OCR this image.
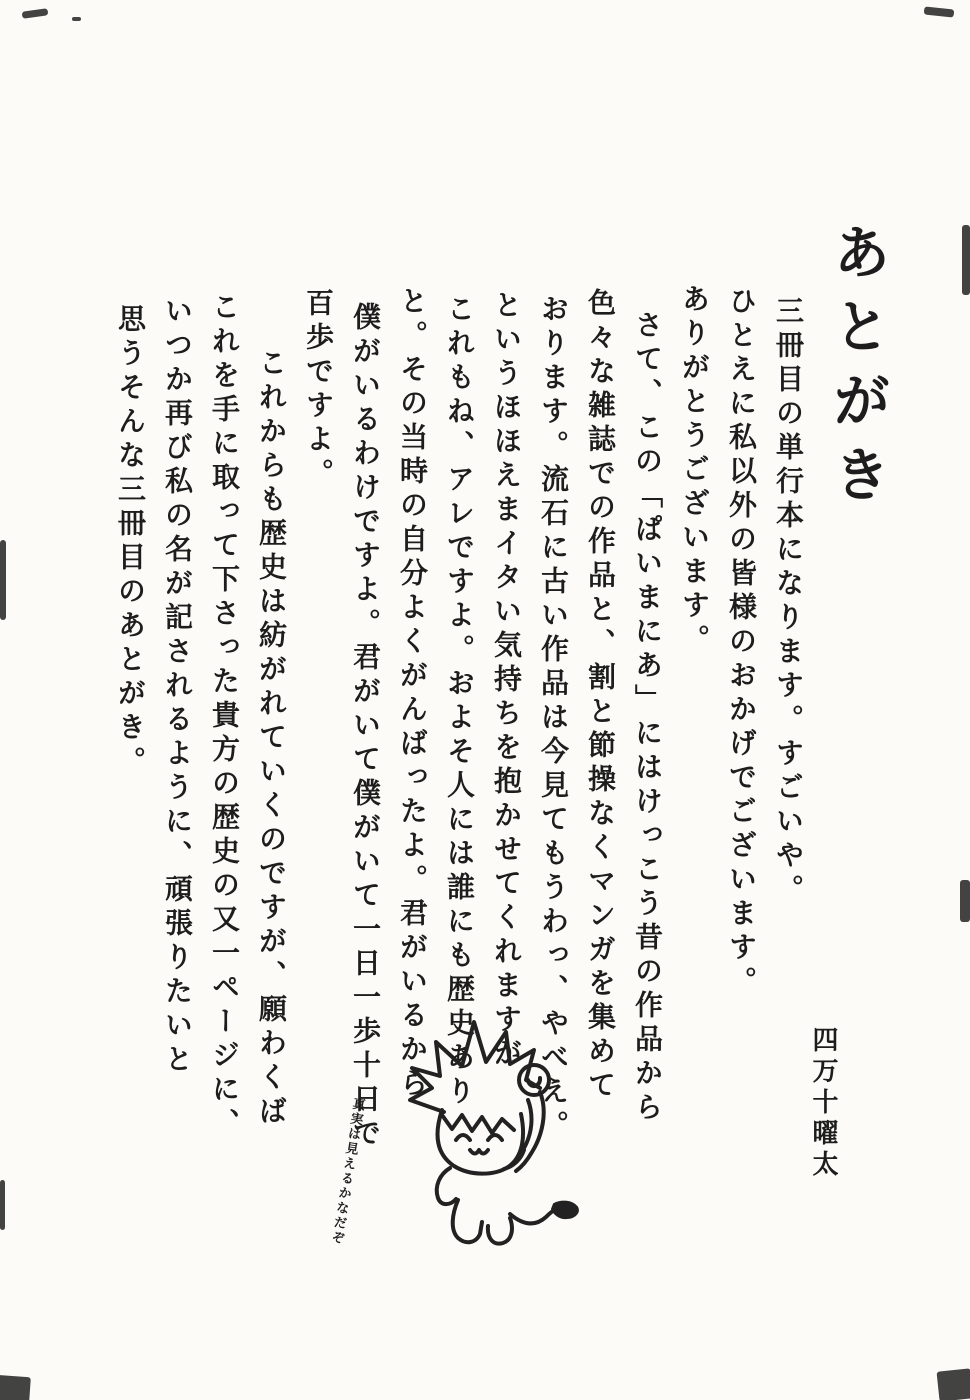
あとがき
三冊目の単行本になります。すごいや。
ひとえに私以外の皆様のおかげでございます。
ありがとうございます。
さて、この「ぱいまにあ」にはけっこう昔の作品から
色々な雑誌での作品と、割と節操なくマンガを集めて
おります。流石に古い作品は今見てもうわっ、やべえ。
というほほえまイタい気持ちを抱かせてくれますが
これもね、アレですよ。およそ人には誰にも歴史あり
と。その当時の自分よくがんばったよ。君がいるから
僕がいるわけですよ。君がいて僕がいて一日一歩十日で
百歩ですよ。
これからも歴史は紡がれていくのですが、願わくば
これを手に取って下さった貴方の歴史の又一ページに、
いつか再び私の名が記されるように、頑張りたいと
思うそんな三冊目のあとがき。
四万十曜太
真実は見えるかなだぞ
